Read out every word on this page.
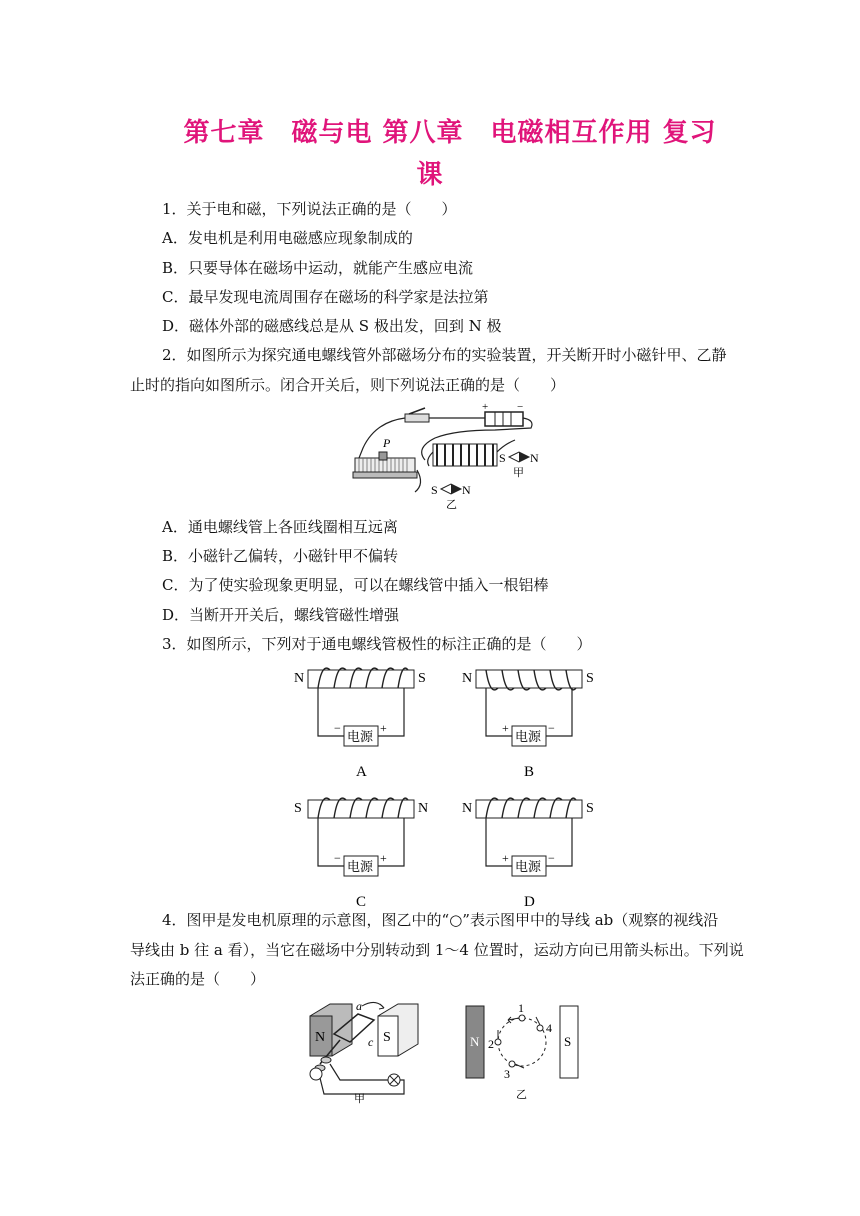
第七章　磁与电 第八章　电磁相互作用 复习
课
1．关于电和磁，下列说法正确的是（　　）
A．发电机是利用电磁感应现象制成的
B．只要导体在磁场中运动，就能产生感应电流
C．最早发现电流周围存在磁场的科学家是法拉第
D．磁体外部的磁感线总是从 S 极出发，回到 N 极
2．如图所示为探究通电螺线管外部磁场分布的实验装置，开关断开时小磁针甲、乙静
止时的指向如图所示。闭合开关后，则下列说法正确的是（　　）
+	−
P
S N
甲
S N
乙
A．通电螺线管上各匝线圈相互远离
B．小磁针乙偏转，小磁针甲不偏转
C．为了使实验现象更明显，可以在螺线管中插入一根铝棒
D．当断开开关后，螺线管磁性增强
3．如图所示，下列对于通电螺线管极性的标注正确的是（　　）
N	S
电源
−	+
A
N	S
电源
+	−
B
S	N
电源
−	+
C
N	S
电源
+	−
D
4．图甲是发电机原理的示意图，图乙中的“○”表示图甲中的导线 ab（观察的视线沿
导线由 b 往 a 看），当它在磁场中分别转动到 1～4 位置时，运动方向已用箭头标出。下列说
法正确的是（　　）
N	S
a
c
甲
N	S
1
2
3
4
乙
